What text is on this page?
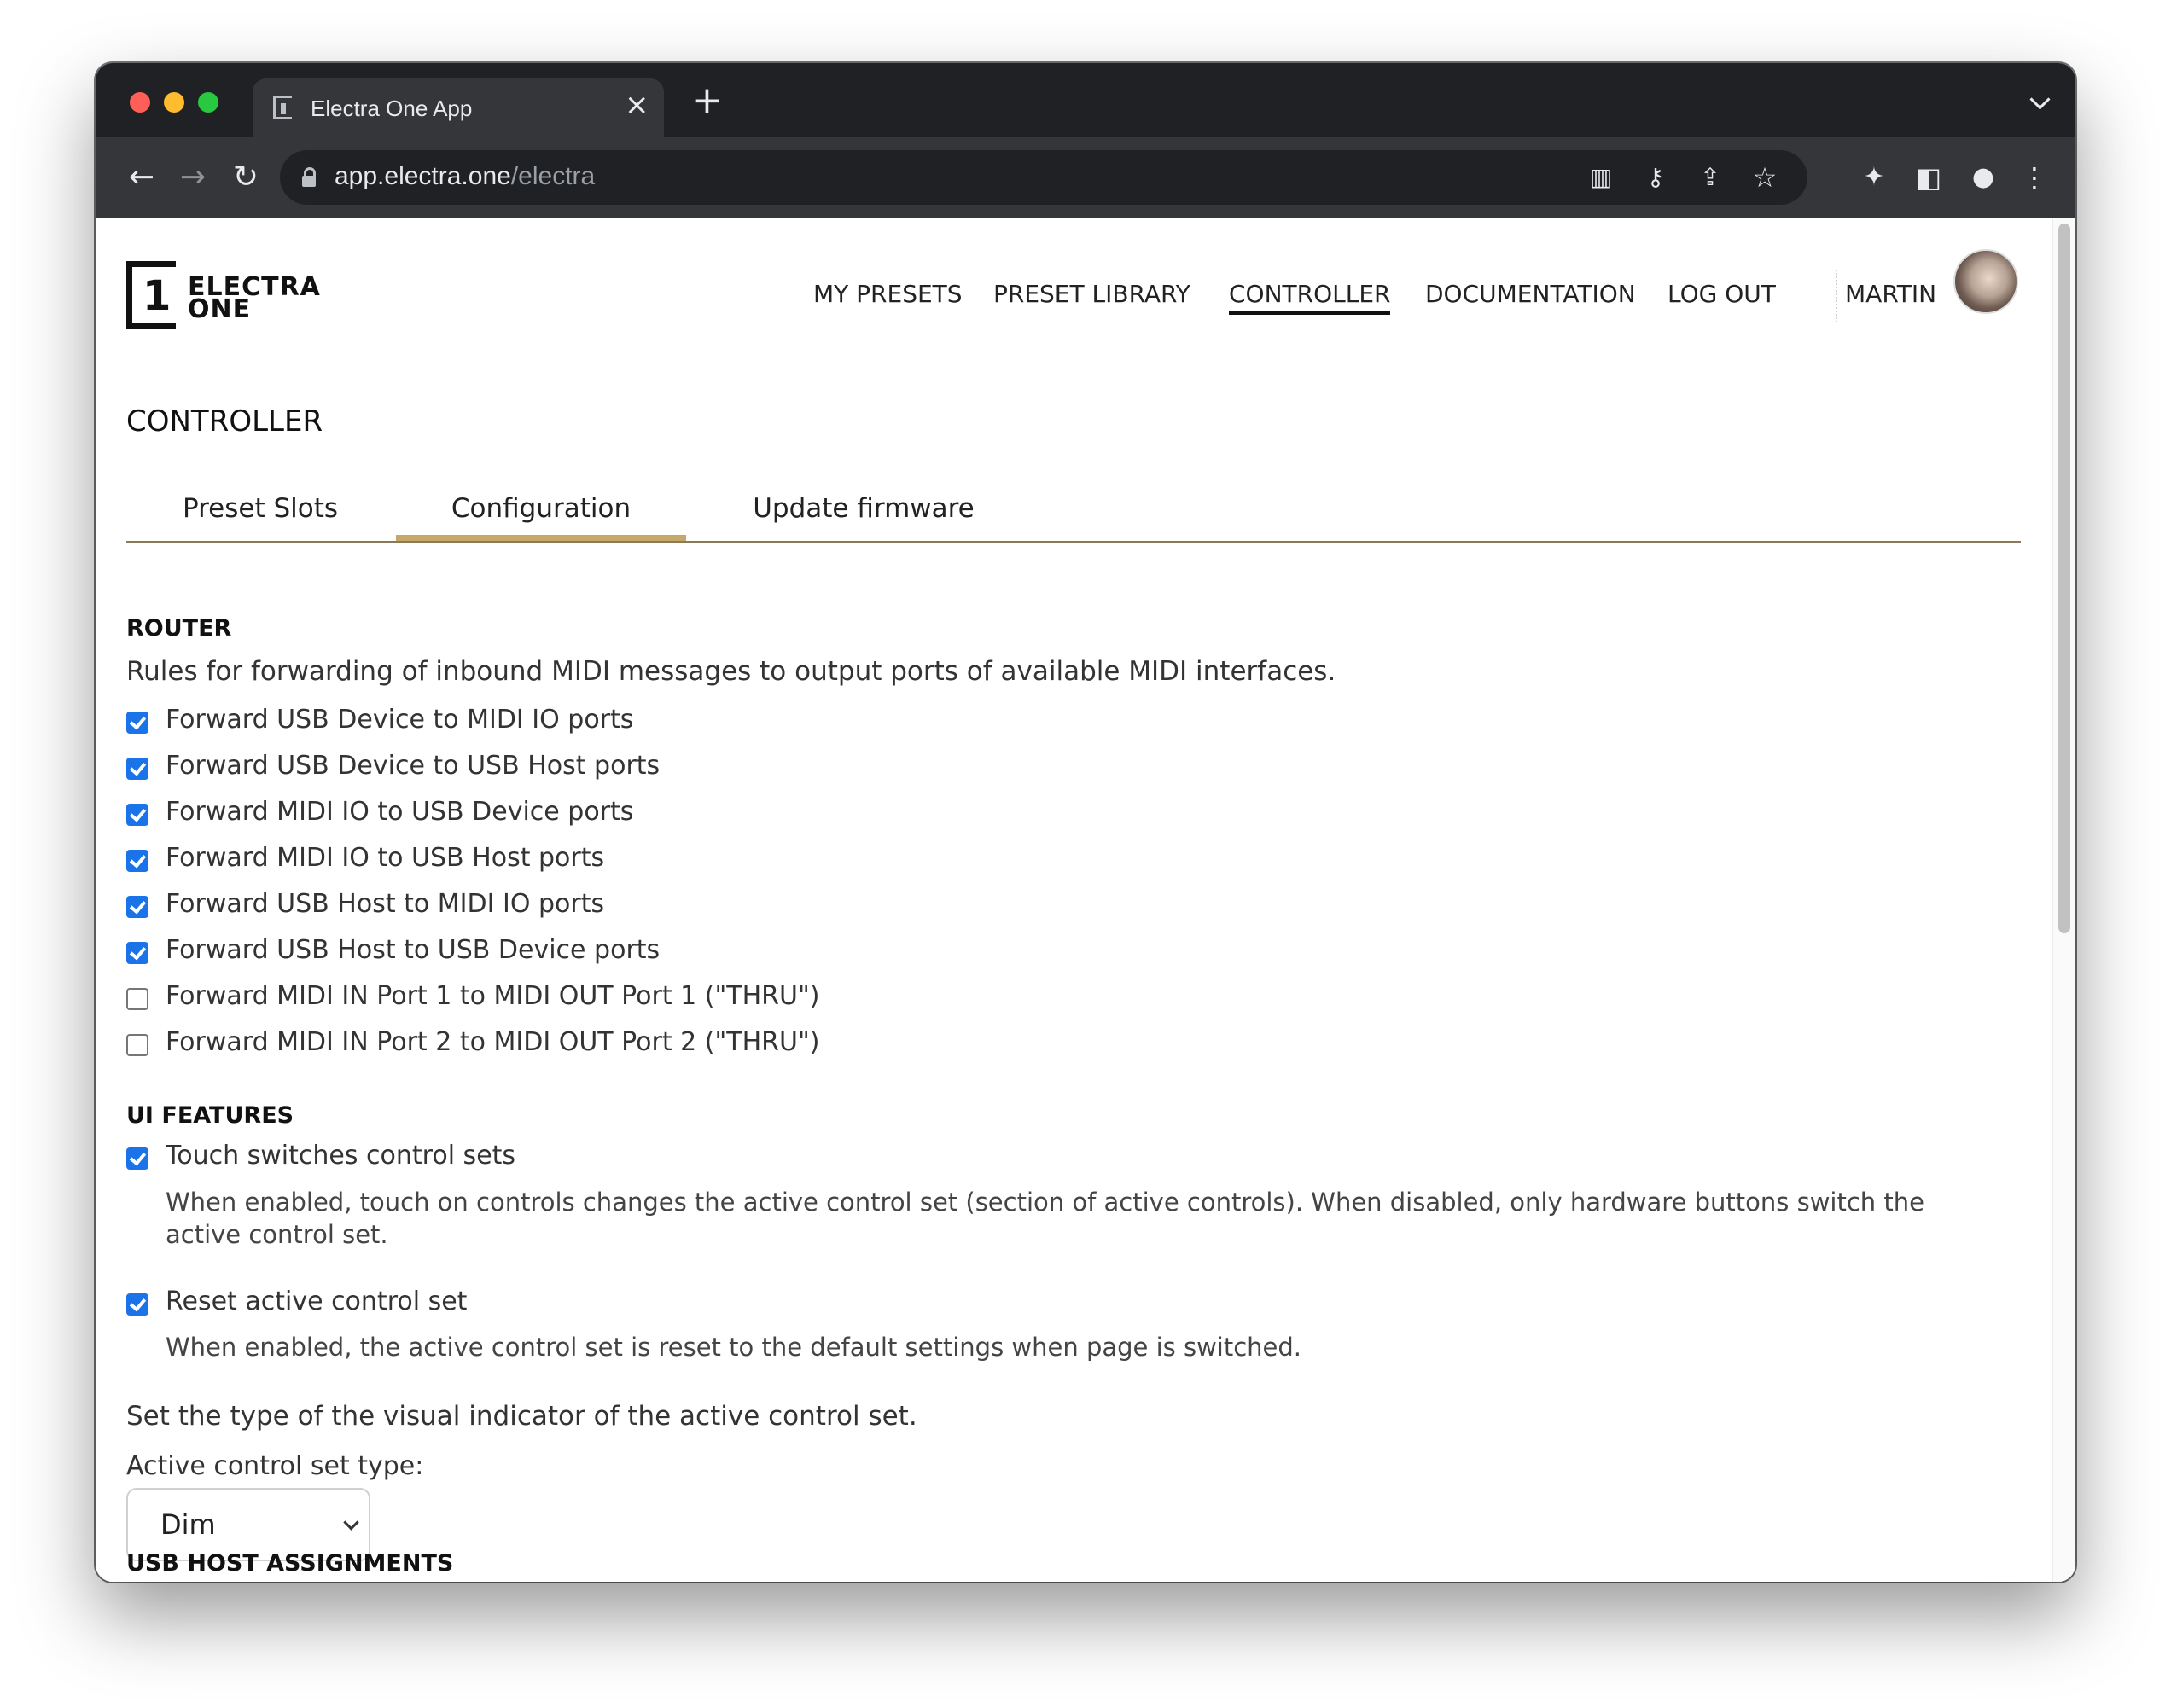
Electra One App	× +
← → ↻	app.electra.one/electra	▥	⚷	⇪	☆	✦	◧	● ⋮
1 ELECTRA
ONE
MY PRESETS PRESET LIBRARY CONTROLLER DOCUMENTATION LOG OUT	MARTIN
CONTROLLER
Preset Slots	Configuration	Update firmware
ROUTER
Rules for forwarding of inbound MIDI messages to output ports of available MIDI interfaces.
Forward USB Device to MIDI IO ports
Forward USB Device to USB Host ports
Forward MIDI IO to USB Device ports
Forward MIDI IO to USB Host ports
Forward USB Host to MIDI IO ports
Forward USB Host to USB Device ports
Forward MIDI IN Port 1 to MIDI OUT Port 1 ("THRU")
Forward MIDI IN Port 2 to MIDI OUT Port 2 ("THRU")
UI FEATURES
Touch switches control sets
When enabled, touch on controls changes the active control set (section of active controls). When disabled, only hardware buttons switch the active control set.
Reset active control set
When enabled, the active control set is reset to the default settings when page is switched.
Set the type of the visual indicator of the active control set.
Active control set type:
Dim
USB HOST ASSIGNMENTS
